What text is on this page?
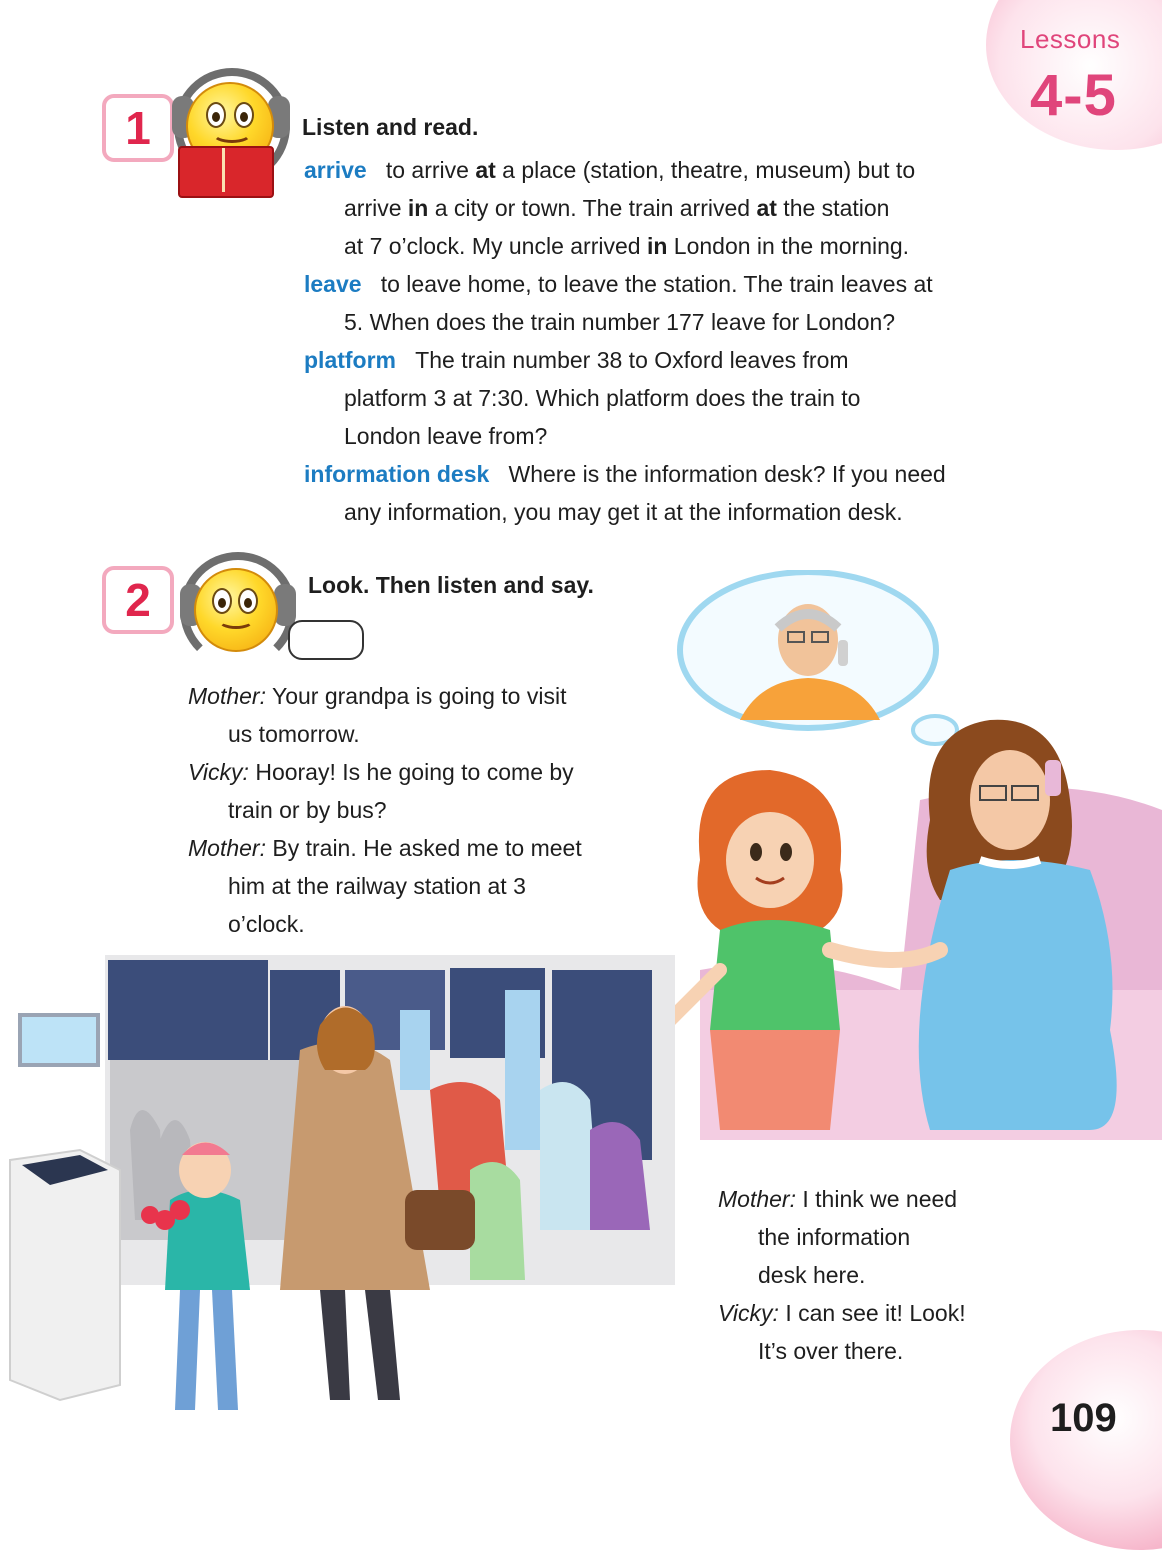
Lessons
4-5
109
1	Listen and read.
arrive to arrive at a place (station, theatre, museum) but to
arrive in a city or town. The train arrived at the station
at 7 o’clock. My uncle arrived in London in the morning.
leave to leave home, to leave the station. The train leaves at
5. When does the train number 177 leave for London?
platform The train number 38 to Oxford leaves from
platform 3 at 7:30. Which platform does the train to
London leave from?
information desk Where is the information desk? If you need
any information, you may get it at the information desk.
2	Look. Then listen and say.
Mother: Your grandpa is going to visit
us tomorrow.
Vicky: Hooray! Is he going to come by
train or by bus?
Mother: By train. He asked me to meet
him at the railway station at 3
o’clock.
Mother: I think we need
the information
desk here.
Vicky: I can see it! Look!
It’s over there.
